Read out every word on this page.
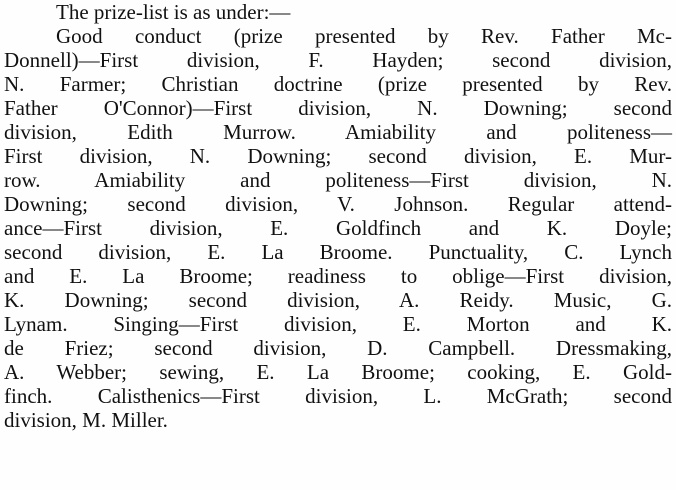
The prize-list is as under:—
Good conduct (prize presented by Rev. Father Mc-
Donnell)—First division, F. Hayden; second division,
N. Farmer; Christian doctrine (prize presented by Rev.
Father O'Connor)—First division, N. Downing; second
division, Edith Murrow. Amiability and politeness—
First division, N. Downing; second division, E. Mur-
row. Amiability and politeness—First division, N.
Downing; second division, V. Johnson. Regular attend-
ance—First division, E. Goldfinch and K. Doyle;
second division, E. La Broome. Punctuality, C. Lynch
and E. La Broome; readiness to oblige—First division,
K. Downing; second division, A. Reidy. Music, G.
Lynam. Singing—First division, E. Morton and K.
de Friez; second division, D. Campbell. Dressmaking,
A. Webber; sewing, E. La Broome; cooking, E. Gold-
finch. Calisthenics—First division, L. McGrath; second
division, M. Miller.
